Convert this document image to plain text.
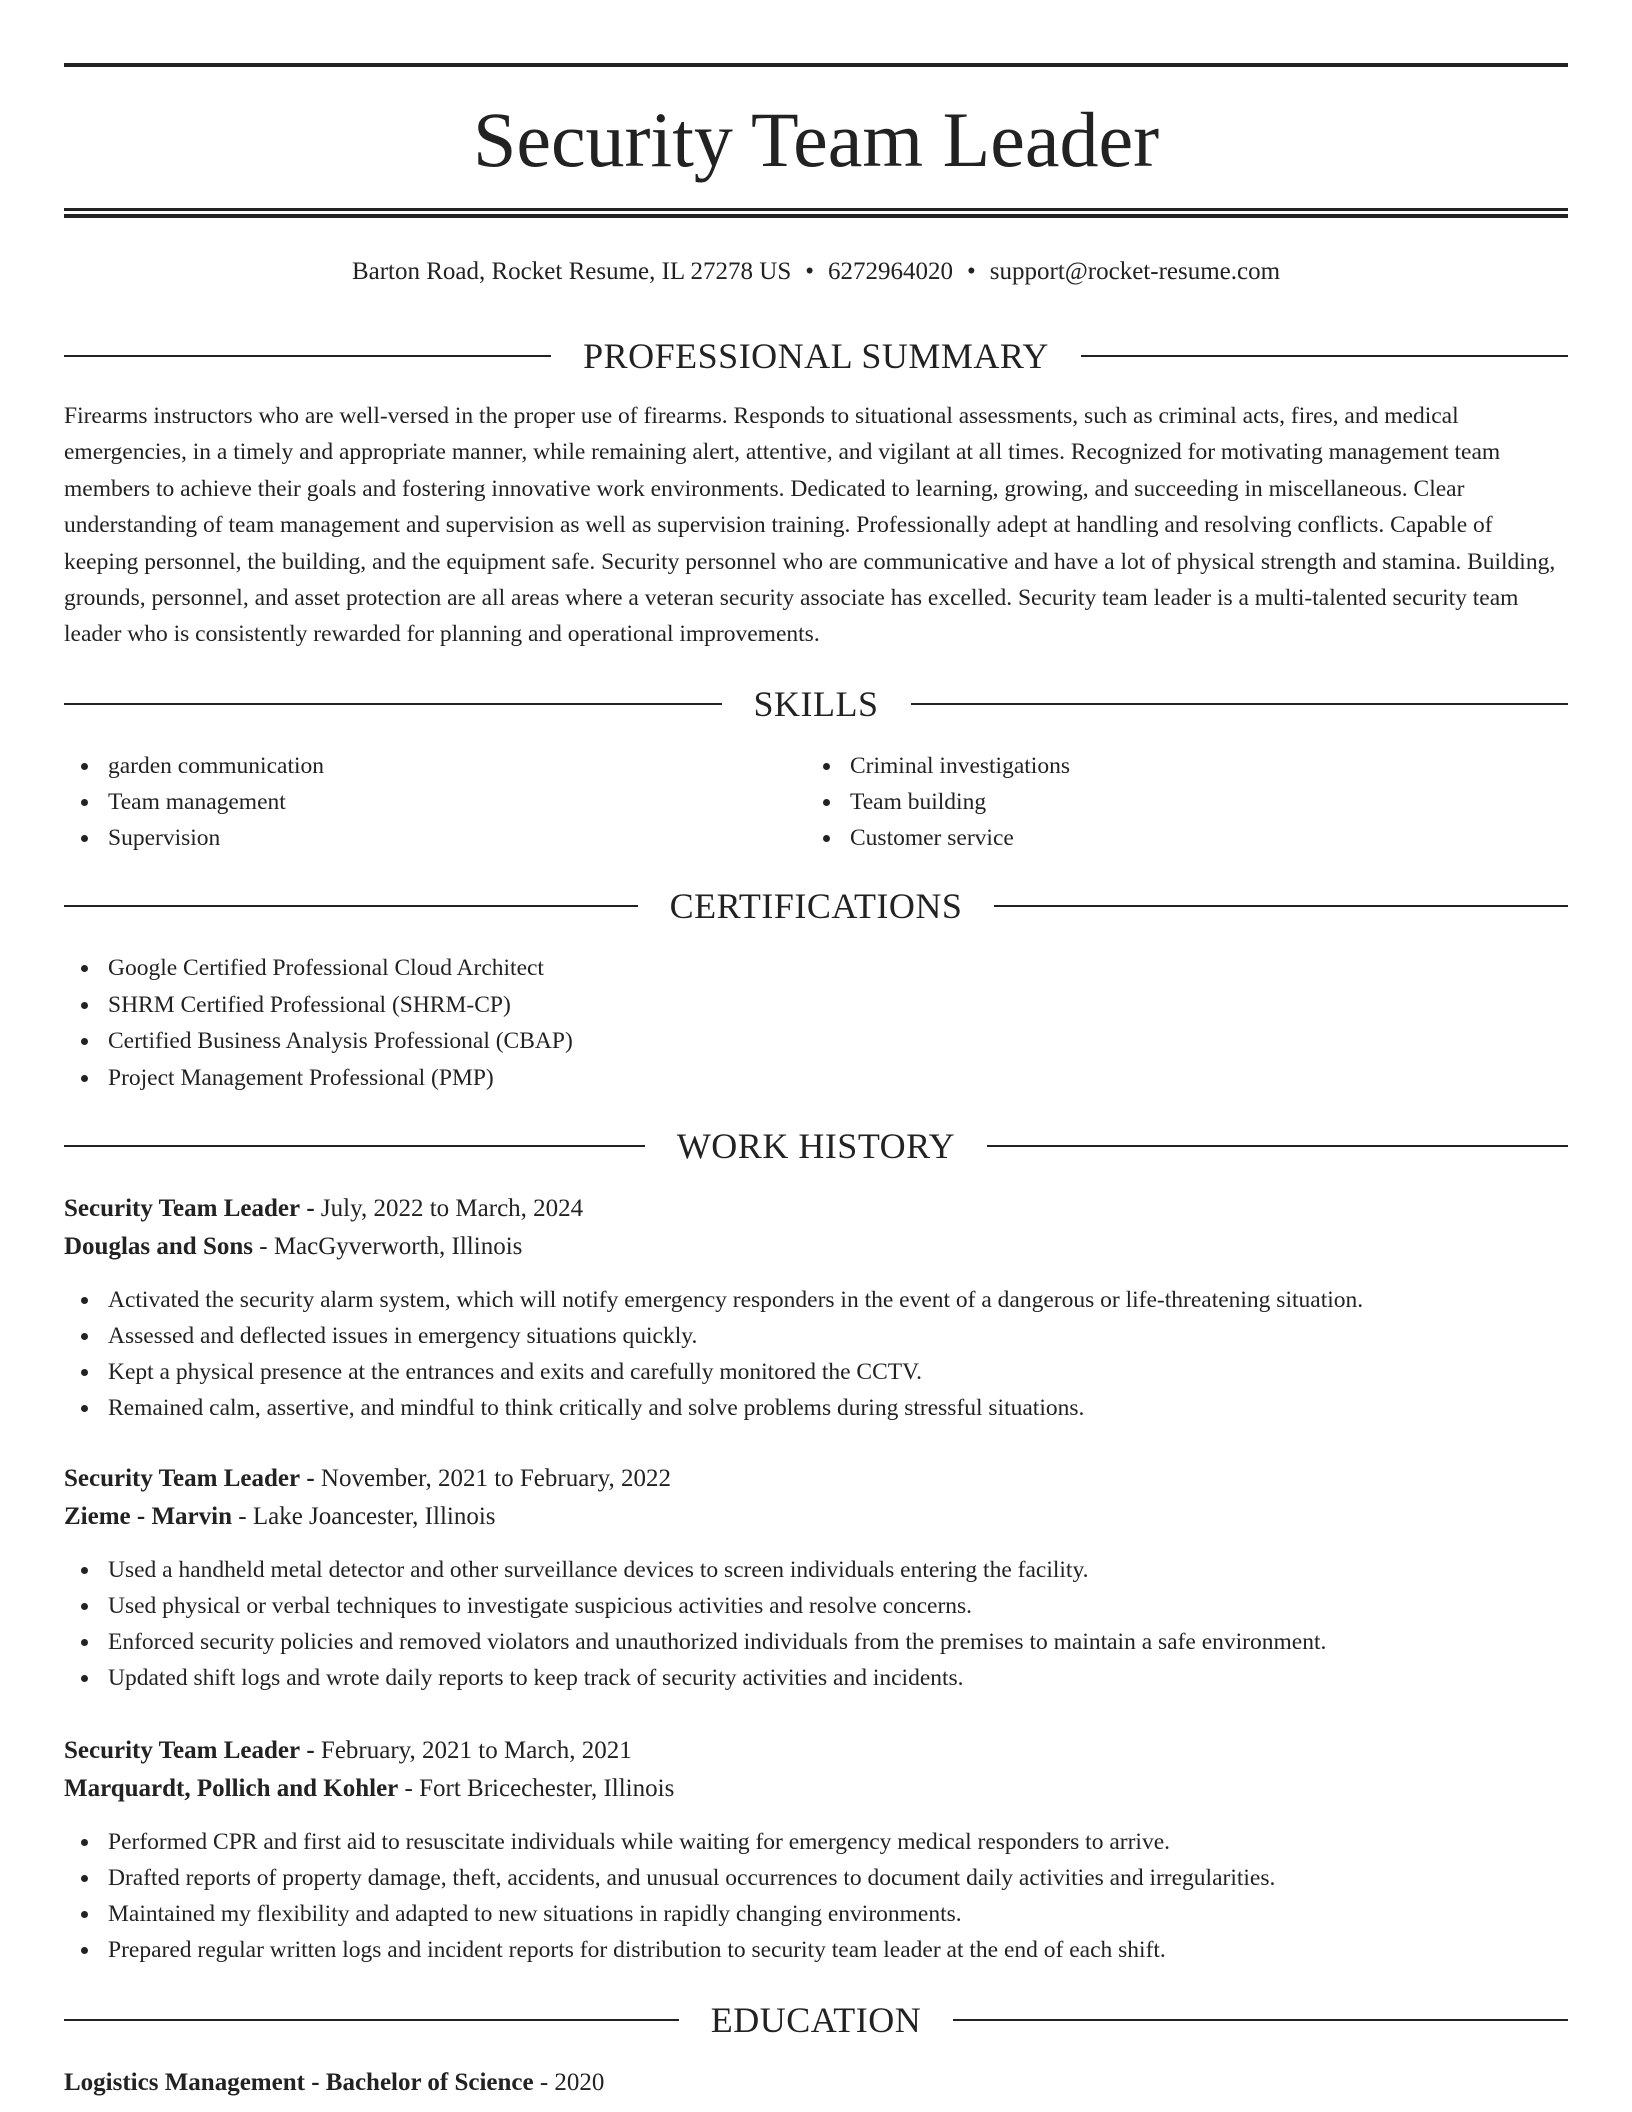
Security Team Leader
Barton Road, Rocket Resume, IL 27278 US • 6272964020 • support@rocket-resume.com
PROFESSIONAL SUMMARY

Firearms instructors who are well-versed in the proper use of firearms. Responds to situational assessments, such as criminal acts, fires, and medical emergencies, in a timely and appropriate manner, while remaining alert, attentive, and vigilant at all times. Recognized for motivating management team members to achieve their goals and fostering innovative work environments. Dedicated to learning, growing, and succeeding in miscellaneous. Clear understanding of team management and supervision as well as supervision training. Professionally adept at handling and resolving conflicts. Capable of keeping personnel, the building, and the equipment safe. Security personnel who are communicative and have a lot of physical strength and stamina. Building, grounds, personnel, and asset protection are all areas where a veteran security associate has excelled. Security team leader is a multi-talented security team leader who is consistently rewarded for planning and operational improvements.

SKILLS
garden communication
Team management
Supervision
Criminal investigations
Team building
Customer service
CERTIFICATIONS
Google Certified Professional Cloud Architect
SHRM Certified Professional (SHRM-CP)
Certified Business Analysis Professional (CBAP)
Project Management Professional (PMP)
WORK HISTORY
Security Team Leader - July, 2022 to March, 2024
Douglas and Sons - MacGyverworth, Illinois
Activated the security alarm system, which will notify emergency responders in the event of a dangerous or life-threatening situation.
Assessed and deflected issues in emergency situations quickly.
Kept a physical presence at the entrances and exits and carefully monitored the CCTV.
Remained calm, assertive, and mindful to think critically and solve problems during stressful situations.
Security Team Leader - November, 2021 to February, 2022
Zieme - Marvin - Lake Joancester, Illinois
Used a handheld metal detector and other surveillance devices to screen individuals entering the facility.
Used physical or verbal techniques to investigate suspicious activities and resolve concerns.
Enforced security policies and removed violators and unauthorized individuals from the premises to maintain a safe environment.
Updated shift logs and wrote daily reports to keep track of security activities and incidents.
Security Team Leader - February, 2021 to March, 2021
Marquardt, Pollich and Kohler - Fort Bricechester, Illinois
Performed CPR and first aid to resuscitate individuals while waiting for emergency medical responders to arrive.
Drafted reports of property damage, theft, accidents, and unusual occurrences to document daily activities and irregularities.
Maintained my flexibility and adapted to new situations in rapidly changing environments.
Prepared regular written logs and incident reports for distribution to security team leader at the end of each shift.
EDUCATION
Logistics Management - Bachelor of Science - 2020
